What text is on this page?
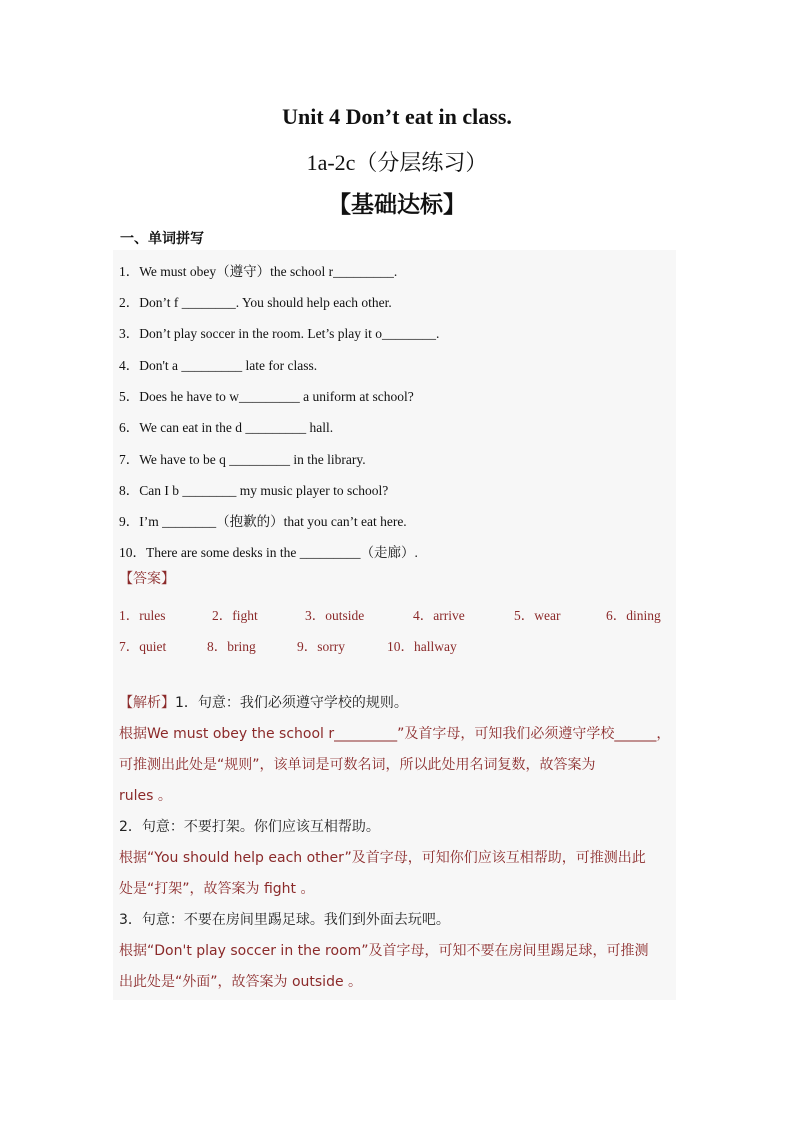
Unit 4 Don’t eat in class.
1a-2c（分层练习）
【基础达标】
一、单词拼写
1．We must obey（遵守）the school r_________.
2．Don’t f ________. You should help each other.
3．Don’t play soccer in the room. Let’s play it o________.
4．Don't a _________ late for class.
5．Does he have to w_________ a uniform at school?
6．We can eat in the d _________ hall.
7．We have to be q _________ in the library.
8．Can I b ________ my music player to school?
9．I’m ________（抱歉的）that you can’t eat here.
10．There are some desks in the _________（走廊）.
【答案】
1．rules	2．fight	3．outside	4．arrive	5．wear	6．dining
7．quiet	8．bring	9．sorry	10．hallway
【解析】1．句意：我们必须遵守学校的规则。
根据We must obey the school r_________”及首字母，可知我们必须遵守学校______，
可推测出此处是“规则”，该单词是可数名词，所以此处用名词复数，故答案为
rules 。
2．句意：不要打架。你们应该互相帮助。
根据“You should help each other”及首字母，可知你们应该互相帮助，可推测出此
处是“打架”，故答案为 fight 。
3．句意：不要在房间里踢足球。我们到外面去玩吧。
根据“Don't play soccer in the room”及首字母，可知不要在房间里踢足球，可推测
出此处是“外面”，故答案为 outside 。
